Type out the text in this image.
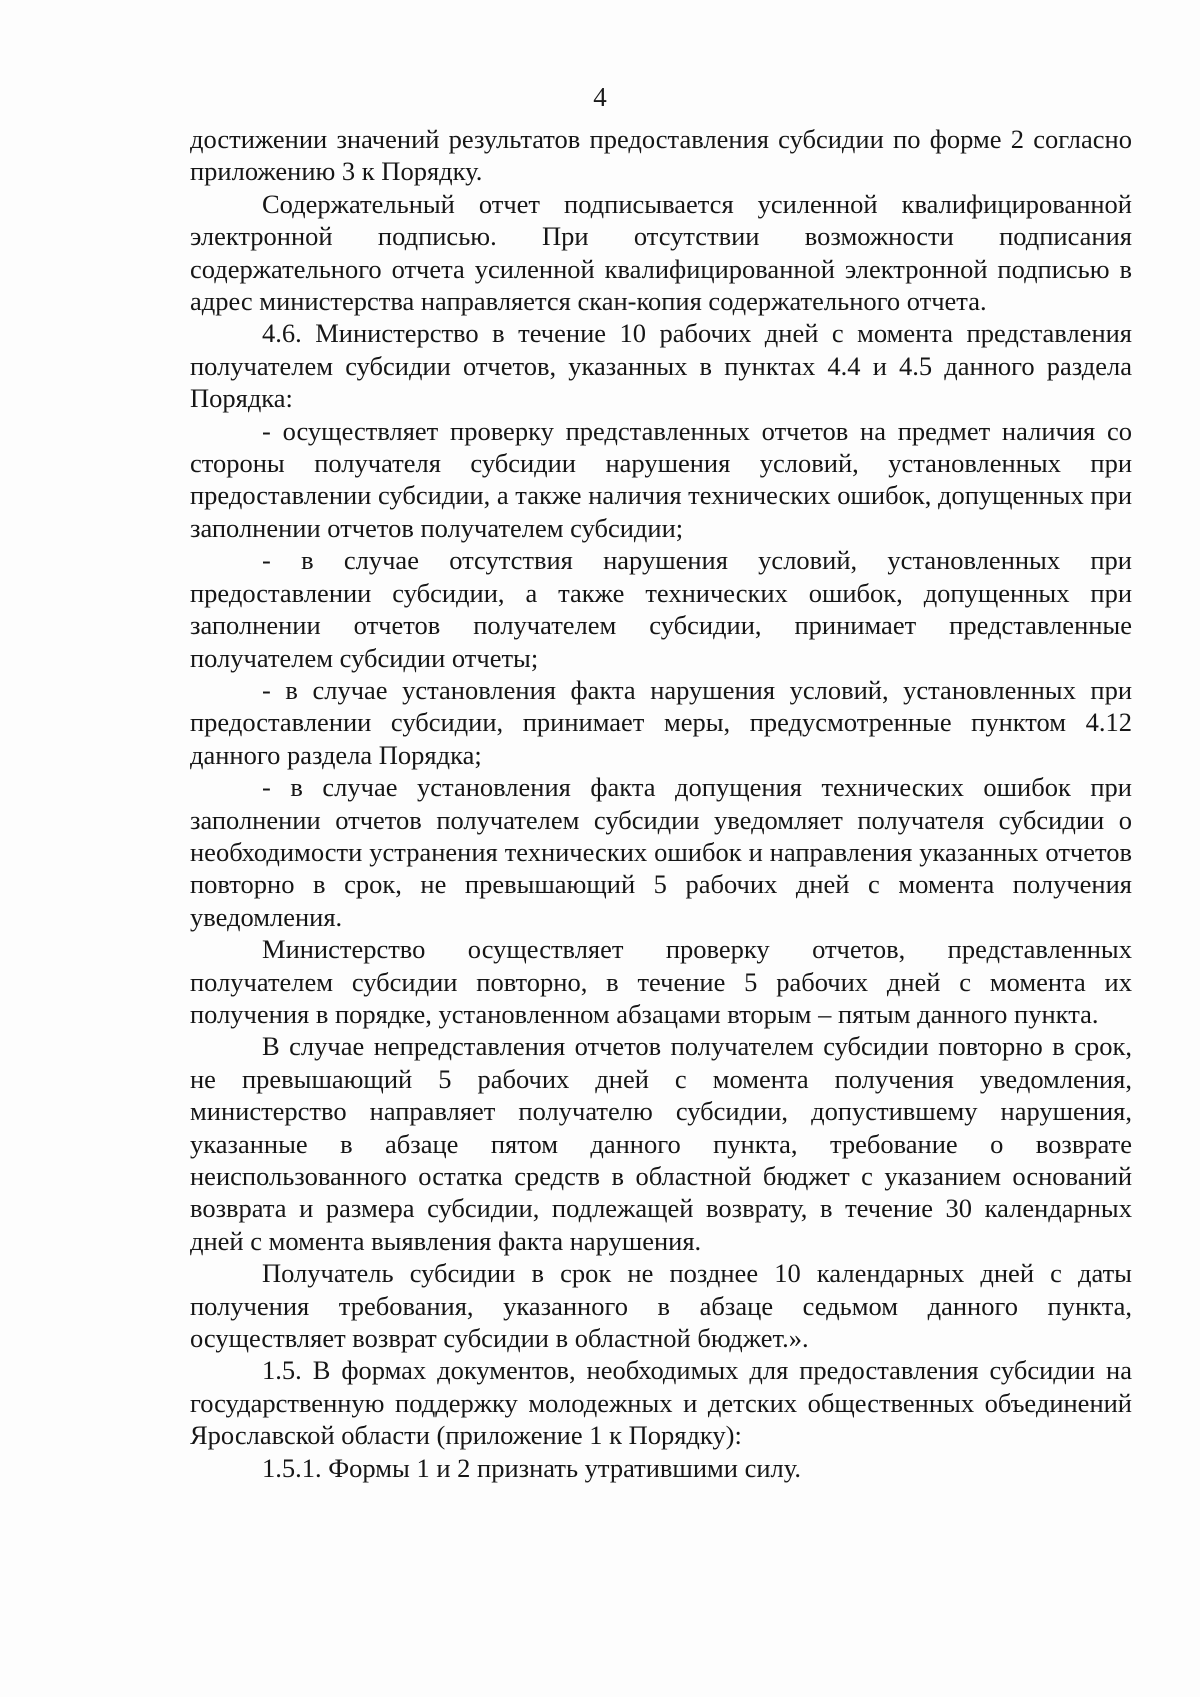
4

достижении значений результатов предоставления субсидии по форме 2 согласно приложению 3 к Порядку.

Содержательный отчет подписывается усиленной квалифицированной электронной подписью. При отсутствии возможности подписания содержательного отчета усиленной квалифицированной электронной подписью в адрес министерства направляется скан-копия содержательного отчета.

4.6. Министерство в течение 10 рабочих дней с момента представления получателем субсидии отчетов, указанных в пунктах 4.4 и 4.5 данного раздела Порядка:

- осуществляет проверку представленных отчетов на предмет наличия со стороны получателя субсидии нарушения условий, установленных при предоставлении субсидии, а также наличия технических ошибок, допущенных при заполнении отчетов получателем субсидии;

- в случае отсутствия нарушения условий, установленных при предоставлении субсидии, а также технических ошибок, допущенных при заполнении отчетов получателем субсидии, принимает представленные получателем субсидии отчеты;

- в случае установления факта нарушения условий, установленных при предоставлении субсидии, принимает меры, предусмотренные пунктом 4.12 данного раздела Порядка;

- в случае установления факта допущения технических ошибок при заполнении отчетов получателем субсидии уведомляет получателя субсидии о необходимости устранения технических ошибок и направления указанных отчетов повторно в срок, не превышающий 5 рабочих дней с момента получения уведомления.

Министерство осуществляет проверку отчетов, представленных получателем субсидии повторно, в течение 5 рабочих дней с момента их получения в порядке, установленном абзацами вторым – пятым данного пункта.

В случае непредставления отчетов получателем субсидии повторно в срок, не превышающий 5 рабочих дней с момента получения уведомления, министерство направляет получателю субсидии, допустившему нарушения, указанные в абзаце пятом данного пункта, требование о возврате неиспользованного остатка средств в областной бюджет с указанием оснований возврата и размера субсидии, подлежащей возврату, в течение 30 календарных дней с момента выявления факта нарушения.

Получатель субсидии в срок не позднее 10 календарных дней с даты получения требования, указанного в абзаце седьмом данного пункта, осуществляет возврат субсидии в областной бюджет.».

1.5. В формах документов, необходимых для предоставления субсидии на государственную поддержку молодежных и детских общественных объединений Ярославской области (приложение 1 к Порядку):

1.5.1. Формы 1 и 2 признать утратившими силу.
